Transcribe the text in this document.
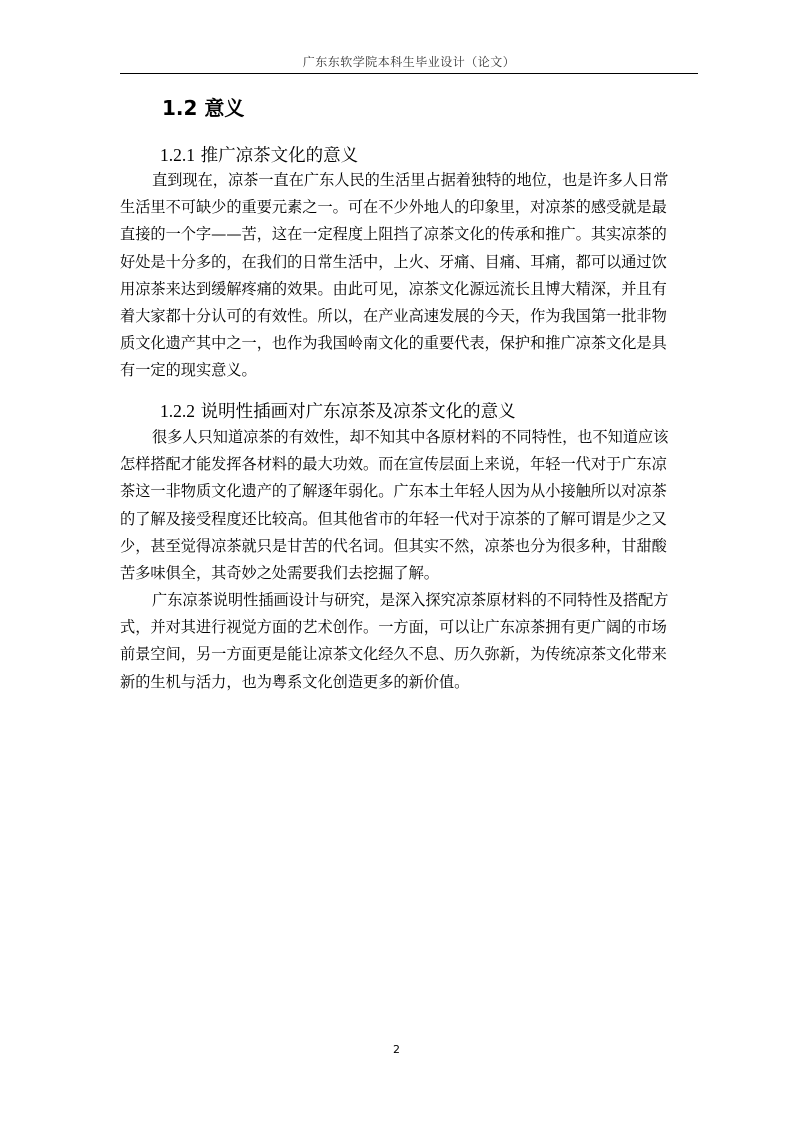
广东东软学院本科生毕业设计（论文）
1.2 意义
1.2.1 推广凉茶文化的意义
直到现在，凉茶一直在广东人民的生活里占据着独特的地位，也是许多人日常
生活里不可缺少的重要元素之一。可在不少外地人的印象里，对凉茶的感受就是最
直接的一个字——苦，这在一定程度上阻挡了凉茶文化的传承和推广。其实凉茶的
好处是十分多的，在我们的日常生活中，上火、牙痛、目痛、耳痛，都可以通过饮
用凉茶来达到缓解疼痛的效果。由此可见，凉茶文化源远流长且博大精深，并且有
着大家都十分认可的有效性。所以，在产业高速发展的今天，作为我国第一批非物
质文化遗产其中之一，也作为我国岭南文化的重要代表，保护和推广凉茶文化是具
有一定的现实意义。
1.2.2 说明性插画对广东凉茶及凉茶文化的意义
很多人只知道凉茶的有效性，却不知其中各原材料的不同特性，也不知道应该
怎样搭配才能发挥各材料的最大功效。而在宣传层面上来说，年轻一代对于广东凉
茶这一非物质文化遗产的了解逐年弱化。广东本土年轻人因为从小接触所以对凉茶
的了解及接受程度还比较高。但其他省市的年轻一代对于凉茶的了解可谓是少之又
少，甚至觉得凉茶就只是甘苦的代名词。但其实不然，凉茶也分为很多种，甘甜酸
苦多味俱全，其奇妙之处需要我们去挖掘了解。
广东凉茶说明性插画设计与研究，是深入探究凉茶原材料的不同特性及搭配方
式，并对其进行视觉方面的艺术创作。一方面，可以让广东凉茶拥有更广阔的市场
前景空间，另一方面更是能让凉茶文化经久不息、历久弥新，为传统凉茶文化带来
新的生机与活力，也为粤系文化创造更多的新价值。
2
